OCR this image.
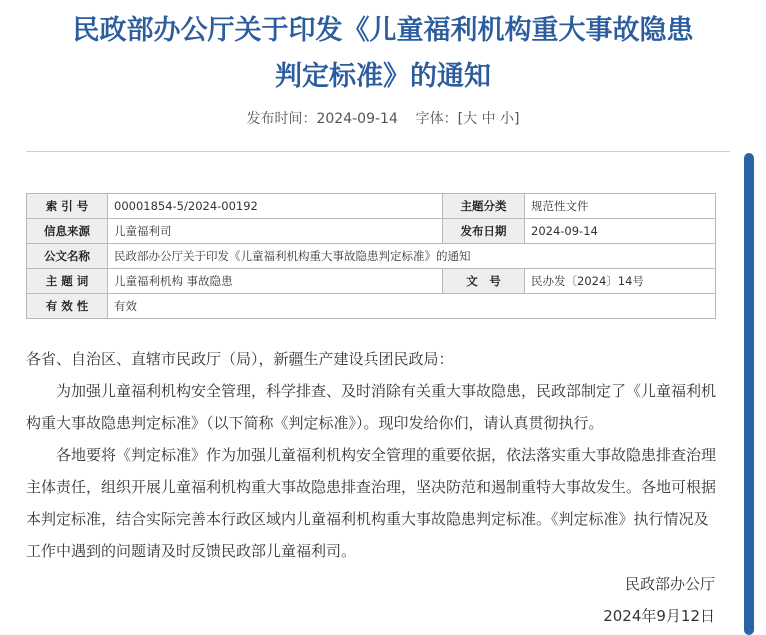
民政部办公厅关于印发《儿童福利机构重大事故隐患
判定标准》的通知
发布时间：2024-09-14 字体：[大 中 小]
索 引 号	00001854-5/2024-00192	主题分类	规范性文件
信息来源	儿童福利司	发布日期	2024-09-14
公文名称	民政部办公厅关于印发《儿童福利机构重大事故隐患判定标准》的通知		
主 题 词	儿童福利机构 事故隐患	文　号	民办发〔2024〕14号
有 效 性	有效		

各省、自治区、直辖市民政厅（局），新疆生产建设兵团民政局：

为加强儿童福利机构安全管理，科学排查、及时消除有关重大事故隐患，民政部制定了《儿童福利机构重大事故隐患判定标准》（以下简称《判定标准》）。现印发给你们，请认真贯彻执行。

各地要将《判定标准》作为加强儿童福利机构安全管理的重要依据，依法落实重大事故隐患排查治理主体责任，组织开展儿童福利机构重大事故隐患排查治理，坚决防范和遏制重特大事故发生。各地可根据本判定标准，结合实际完善本行政区域内儿童福利机构重大事故隐患判定标准。《判定标准》执行情况及工作中遇到的问题请及时反馈民政部儿童福利司。

民政部办公厅
2024年9月12日
